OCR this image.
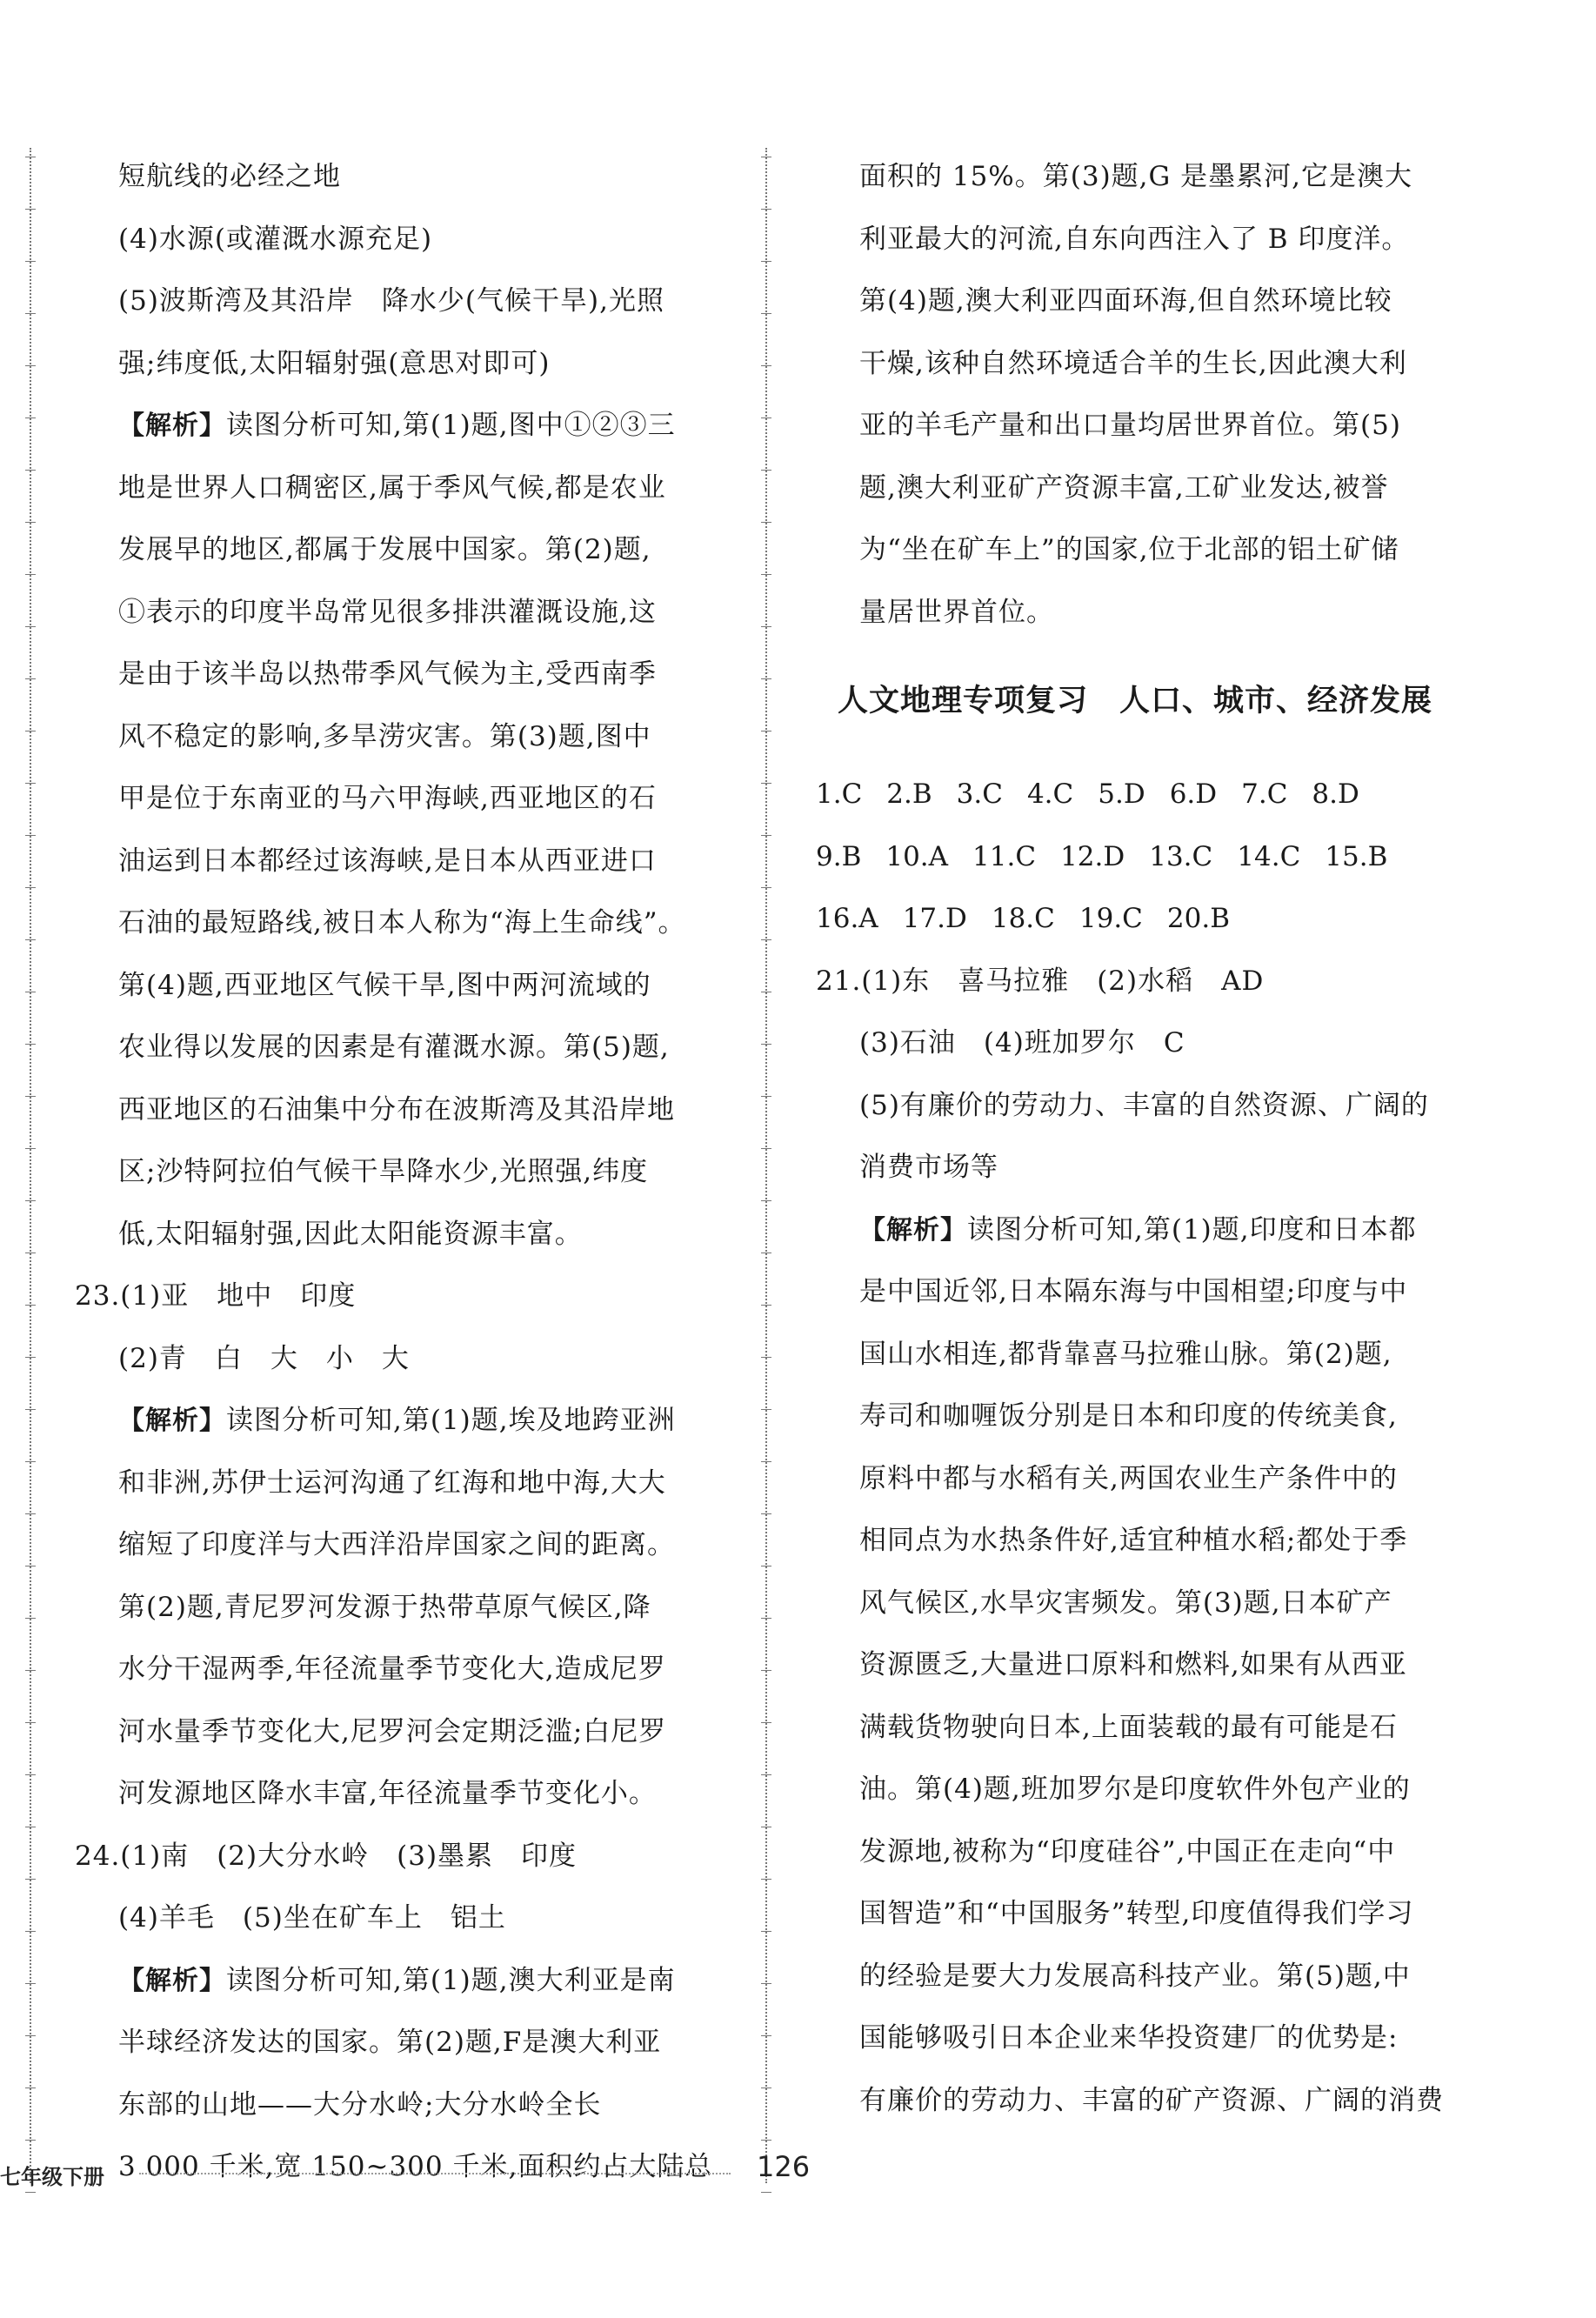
短航线的必经之地
(4)水源(或灌溉水源充足)
(5)波斯湾及其沿岸　降水少(气候干旱),光照
强;纬度低,太阳辐射强(意思对即可)
【解析】读图分析可知,第(1)题,图中①②③三
地是世界人口稠密区,属于季风气候,都是农业
发展早的地区,都属于发展中国家。第(2)题,
①表示的印度半岛常见很多排洪灌溉设施,这
是由于该半岛以热带季风气候为主,受西南季
风不稳定的影响,多旱涝灾害。第(3)题,图中
甲是位于东南亚的马六甲海峡,西亚地区的石
油运到日本都经过该海峡,是日本从西亚进口
石油的最短路线,被日本人称为“海上生命线”。
第(4)题,西亚地区气候干旱,图中两河流域的
农业得以发展的因素是有灌溉水源。第(5)题,
西亚地区的石油集中分布在波斯湾及其沿岸地
区;沙特阿拉伯气候干旱降水少,光照强,纬度
低,太阳辐射强,因此太阳能资源丰富。
23.(1)亚　地中　印度
(2)青　白　大　小　大
【解析】读图分析可知,第(1)题,埃及地跨亚洲
和非洲,苏伊士运河沟通了红海和地中海,大大
缩短了印度洋与大西洋沿岸国家之间的距离。
第(2)题,青尼罗河发源于热带草原气候区,降
水分干湿两季,年径流量季节变化大,造成尼罗
河水量季节变化大,尼罗河会定期泛滥;白尼罗
河发源地区降水丰富,年径流量季节变化小。
24.(1)南　(2)大分水岭　(3)墨累　印度
(4)羊毛　(5)坐在矿车上　铝土
【解析】读图分析可知,第(1)题,澳大利亚是南
半球经济发达的国家。第(2)题,F是澳大利亚
东部的山地——大分水岭;大分水岭全长
3 000 千米,宽 150~300 千米,面积约占大陆总
面积的 15%。第(3)题,G 是墨累河,它是澳大
利亚最大的河流,自东向西注入了 B 印度洋。
第(4)题,澳大利亚四面环海,但自然环境比较
干燥,该种自然环境适合羊的生长,因此澳大利
亚的羊毛产量和出口量均居世界首位。第(5)
题,澳大利亚矿产资源丰富,工矿业发达,被誉
为“坐在矿车上”的国家,位于北部的铝土矿储
量居世界首位。
人文地理专项复习　人口、城市、经济发展
1.C 2.B 3.C 4.C 5.D 6.D 7.C 8.D
9.B 10.A 11.C 12.D 13.C 14.C 15.B
16.A 17.D 18.C 19.C 20.B
21.(1)东　喜马拉雅　(2)水稻　AD
(3)石油　(4)班加罗尔　C
(5)有廉价的劳动力、丰富的自然资源、广阔的
消费市场等
【解析】读图分析可知,第(1)题,印度和日本都
是中国近邻,日本隔东海与中国相望;印度与中
国山水相连,都背靠喜马拉雅山脉。第(2)题,
寿司和咖喱饭分别是日本和印度的传统美食,
原料中都与水稻有关,两国农业生产条件中的
相同点为水热条件好,适宜种植水稻;都处于季
风气候区,水旱灾害频发。第(3)题,日本矿产
资源匮乏,大量进口原料和燃料,如果有从西亚
满载货物驶向日本,上面装载的最有可能是石
油。第(4)题,班加罗尔是印度软件外包产业的
发源地,被称为“印度硅谷”,中国正在走向“中
国智造”和“中国服务”转型,印度值得我们学习
的经验是要大力发展高科技产业。第(5)题,中
国能够吸引日本企业来华投资建厂的优势是:
有廉价的劳动力、丰富的矿产资源、广阔的消费
七年级下册	126
